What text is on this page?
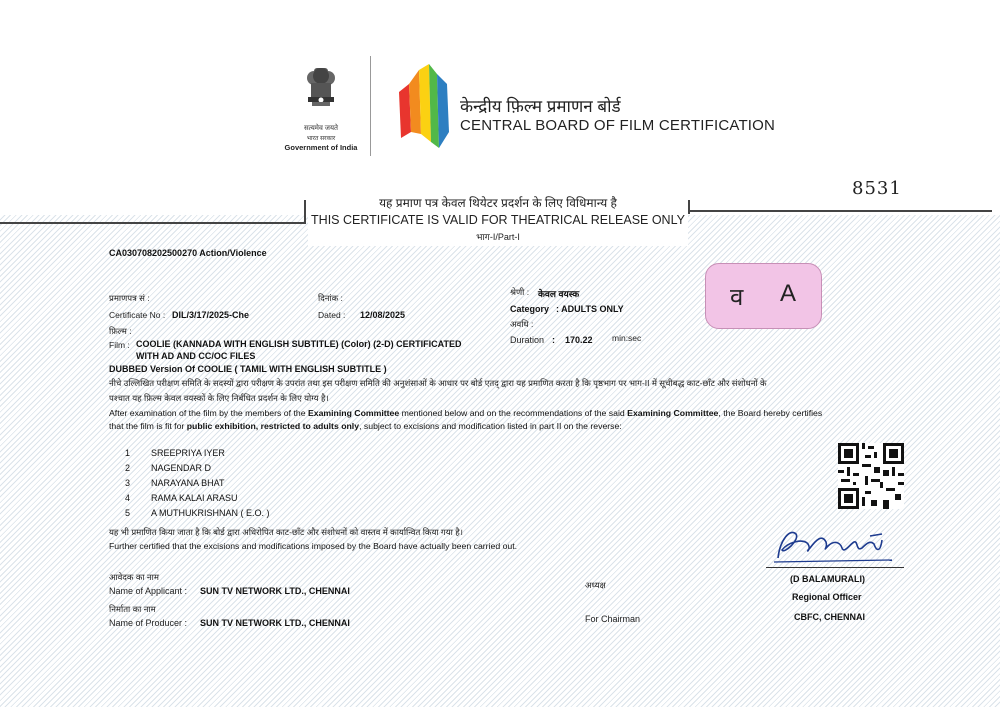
सत्यमेव जयते
भारत सरकार
Government of India
केन्द्रीय फ़िल्म प्रमाणन बोर्ड
CENTRAL BOARD OF FILM CERTIFICATION
8531
यह प्रमाण पत्र केवल थियेटर प्रदर्शन के लिए विधिमान्य है
THIS CERTIFICATE IS VALID FOR THEATRICAL RELEASE ONLY
भाग-I/Part-I
CA030708202500270 Action/Violence
प्रमाणपत्र सं :
Certificate No : DIL/3/17/2025-Che
दिनांक :
Dated : 12/08/2025
श्रेणी : केवल वयस्क
Category : ADULTS ONLY
अवधि :
Duration : 170.22 min:sec
व A
फ़िल्म :
Film : COOLIE (KANNADA WITH ENGLISH SUBTITLE) (Color) (2-D) CERTIFICATED
WITH AD AND CC/OC FILES
DUBBED Version Of COOLIE ( TAMIL WITH ENGLISH SUBTITLE )
नीचे उल्लिखित परीक्षण समिति के सदस्यों द्वारा परीक्षण के उपरांत तथा इस परीक्षण समिति की अनुशंसाओं के आधार पर बोर्ड एतद् द्वारा यह प्रमाणित करता है कि पृष्ठभाग पर भाग-II में सूचीबद्ध काट-छाँट और संशोधनों के
पश्चात यह फ़िल्म केवल वयस्कों के लिए निर्बंधित प्रदर्शन के लिए योग्य है।
After examination of the film by the members of the Examining Committee mentioned below and on the recommendations of the said Examining Committee, the Board hereby certifies
that the film is fit for public exhibition, restricted to adults only, subject to excisions and modification listed in part II on the reverse:
1 SREEPRIYA IYER
2 NAGENDAR D
3 NARAYANA BHAT
4 RAMA KALAI ARASU
5 A MUTHUKRISHNAN ( E.O. )
यह भी प्रमाणित किया जाता है कि बोर्ड द्वारा अधिरोपित काट-छाँट और संशोधनों को वास्तव में कार्यान्वित किया गया है।
Further certified that the excisions and modifications imposed by the Board have actually been carried out.
(D BALAMURALI)
Regional Officer
CBFC, CHENNAI
आवेदक का नाम
Name of Applicant : SUN TV NETWORK LTD., CHENNAI
अध्यक्ष
For Chairman
निर्माता का नाम
Name of Producer : SUN TV NETWORK LTD., CHENNAI
